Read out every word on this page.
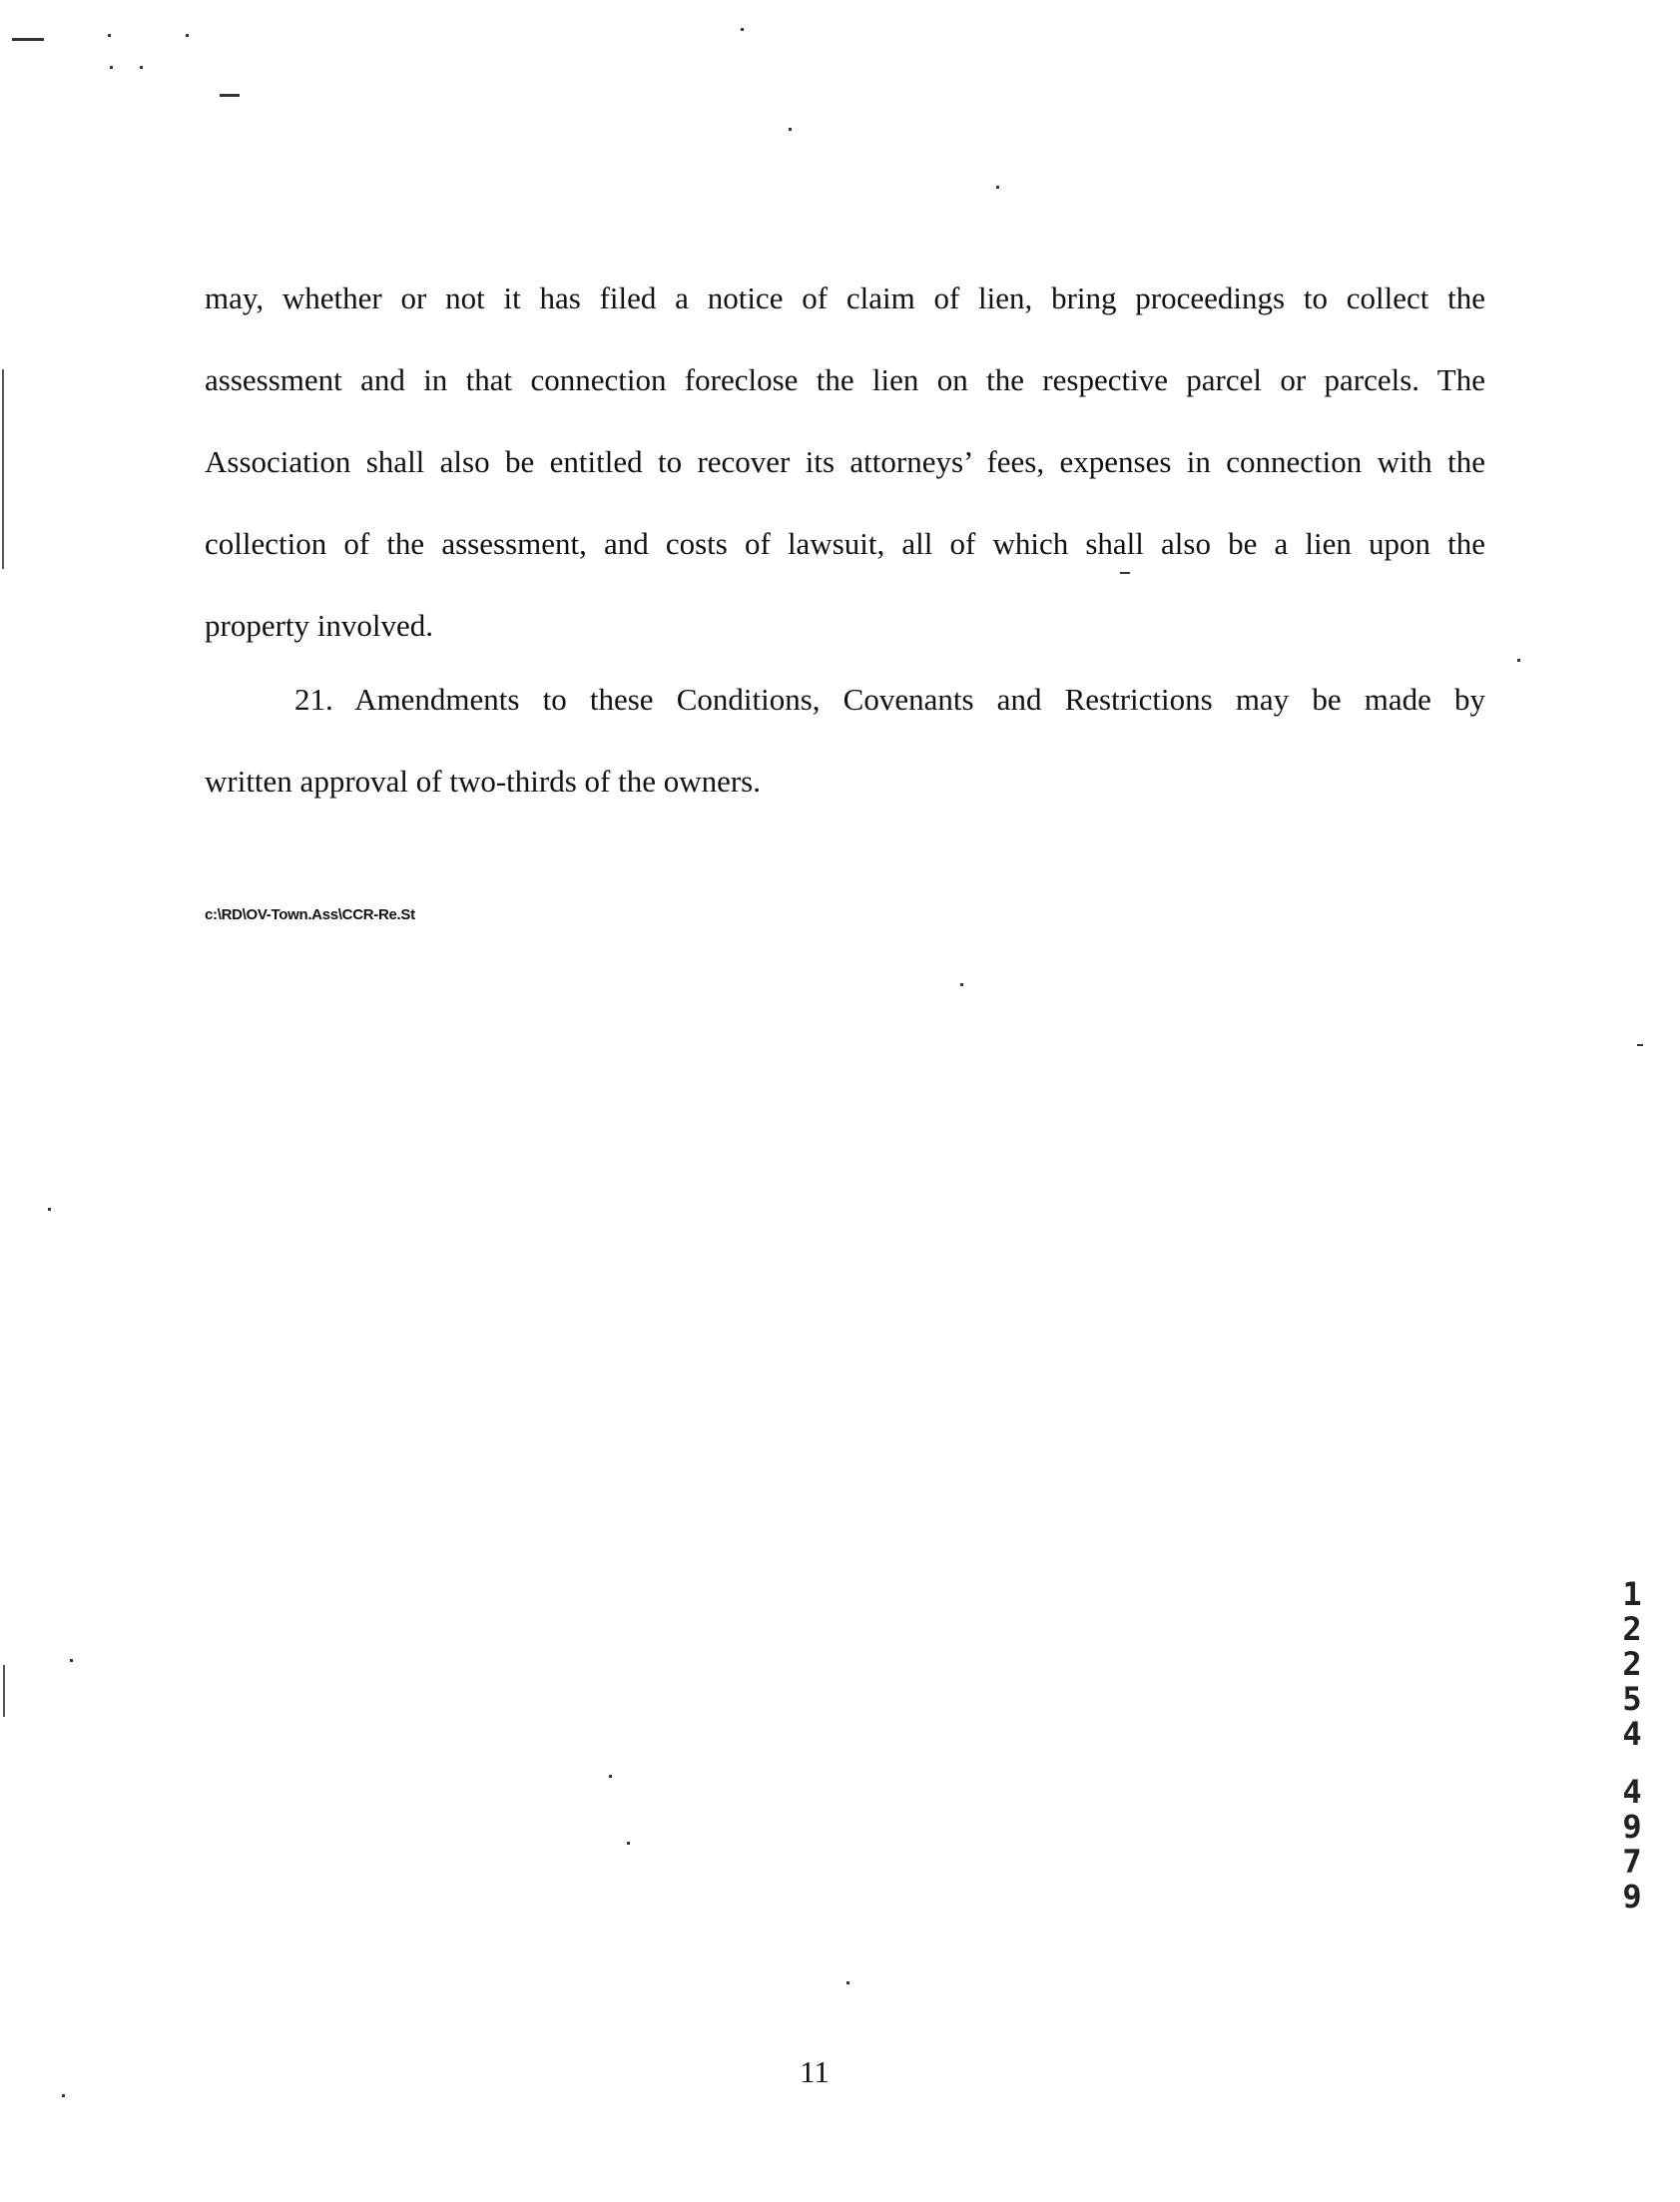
may, whether or not it has filed a notice of claim of lien, bring proceedings to collect the
assessment and in that connection foreclose the lien on the respective parcel or parcels. The
Association shall also be entitled to recover its attorneys’ fees, expenses in connection with the
collection of the assessment, and costs of lawsuit, all of which shall also be a lien upon the
property involved.
21. Amendments to these Conditions, Covenants and Restrictions may be made by
written approval of two-thirds of the owners.
c:\RD\OV-Town.Ass\CCR-Re.St
1
2
2
5
4
4
9
7
9
11
